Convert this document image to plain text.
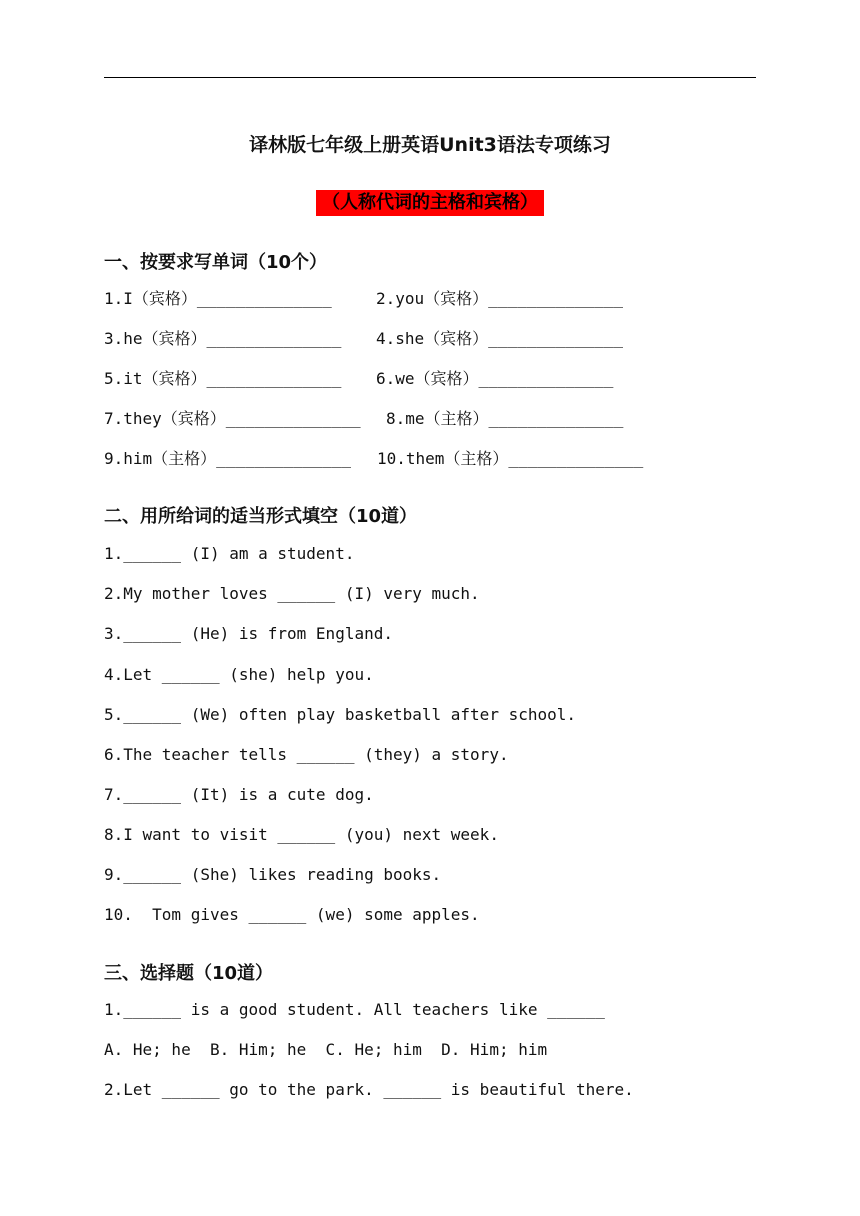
译林版七年级上册英语Unit3语法专项练习
（人称代词的主格和宾格）
一、按要求写单词（10个）
1.I（宾格）______________	2.you（宾格）______________
3.he（宾格）______________ 4.she（宾格）______________
5.it（宾格）______________ 6.we（宾格）______________
7.they（宾格）______________ 8.me（主格）______________
9.him（主格）______________ 10.them（主格）______________
二、用所给词的适当形式填空（10道）
1.______ (I) am a student.
2.My mother loves ______ (I) very much.
3.______ (He) is from England.
4.Let ______ (she) help you.
5.______ (We) often play basketball after school.
6.The teacher tells ______ (they) a story.
7.______ (It) is a cute dog.
8.I want to visit ______ (you) next week.
9.______ (She) likes reading books.
10.  Tom gives ______ (we) some apples.
三、选择题（10道）
1.______ is a good student. All teachers like ______
A. He; he  B. Him; he  C. He; him  D. Him; him
2.Let ______ go to the park. ______ is beautiful there.
